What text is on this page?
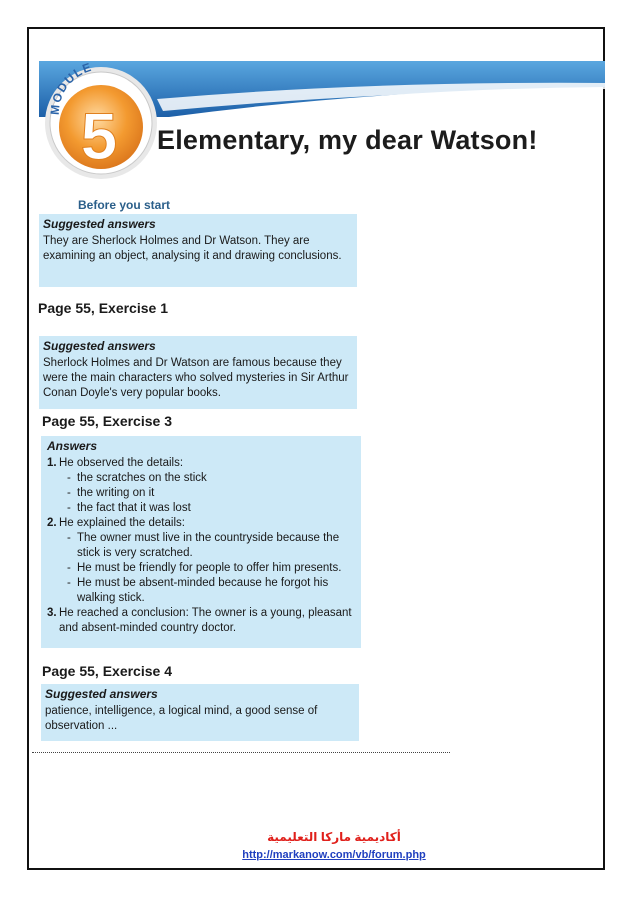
MODULE
5 Elementary, my dear Watson!
Before you start
Suggested answers

They are Sherlock Holmes and Dr Watson. They are examining an object, analysing it and drawing conclusions.

Page 55, Exercise 1
Suggested answers

Sherlock Holmes and Dr Watson are famous because they were the main characters who solved mysteries in Sir Arthur Conan Doyle's very popular books.

Page 55, Exercise 3
Answers
1. He observed the details:
- the scratches on the stick
- the writing on it
- the fact that it was lost
2. He explained the details:
- The owner must live in the countryside because the stick is very scratched.
- He must be friendly for people to offer him presents.
- He must be absent-minded because he forgot his walking stick.
3. He reached a conclusion: The owner is a young, pleasant and absent-minded country doctor.
Page 55, Exercise 4
Suggested answers

patience, intelligence, a logical mind, a good sense of observation ...

أكاديمية ماركا التعليمية
http://markanow.com/vb/forum.php
